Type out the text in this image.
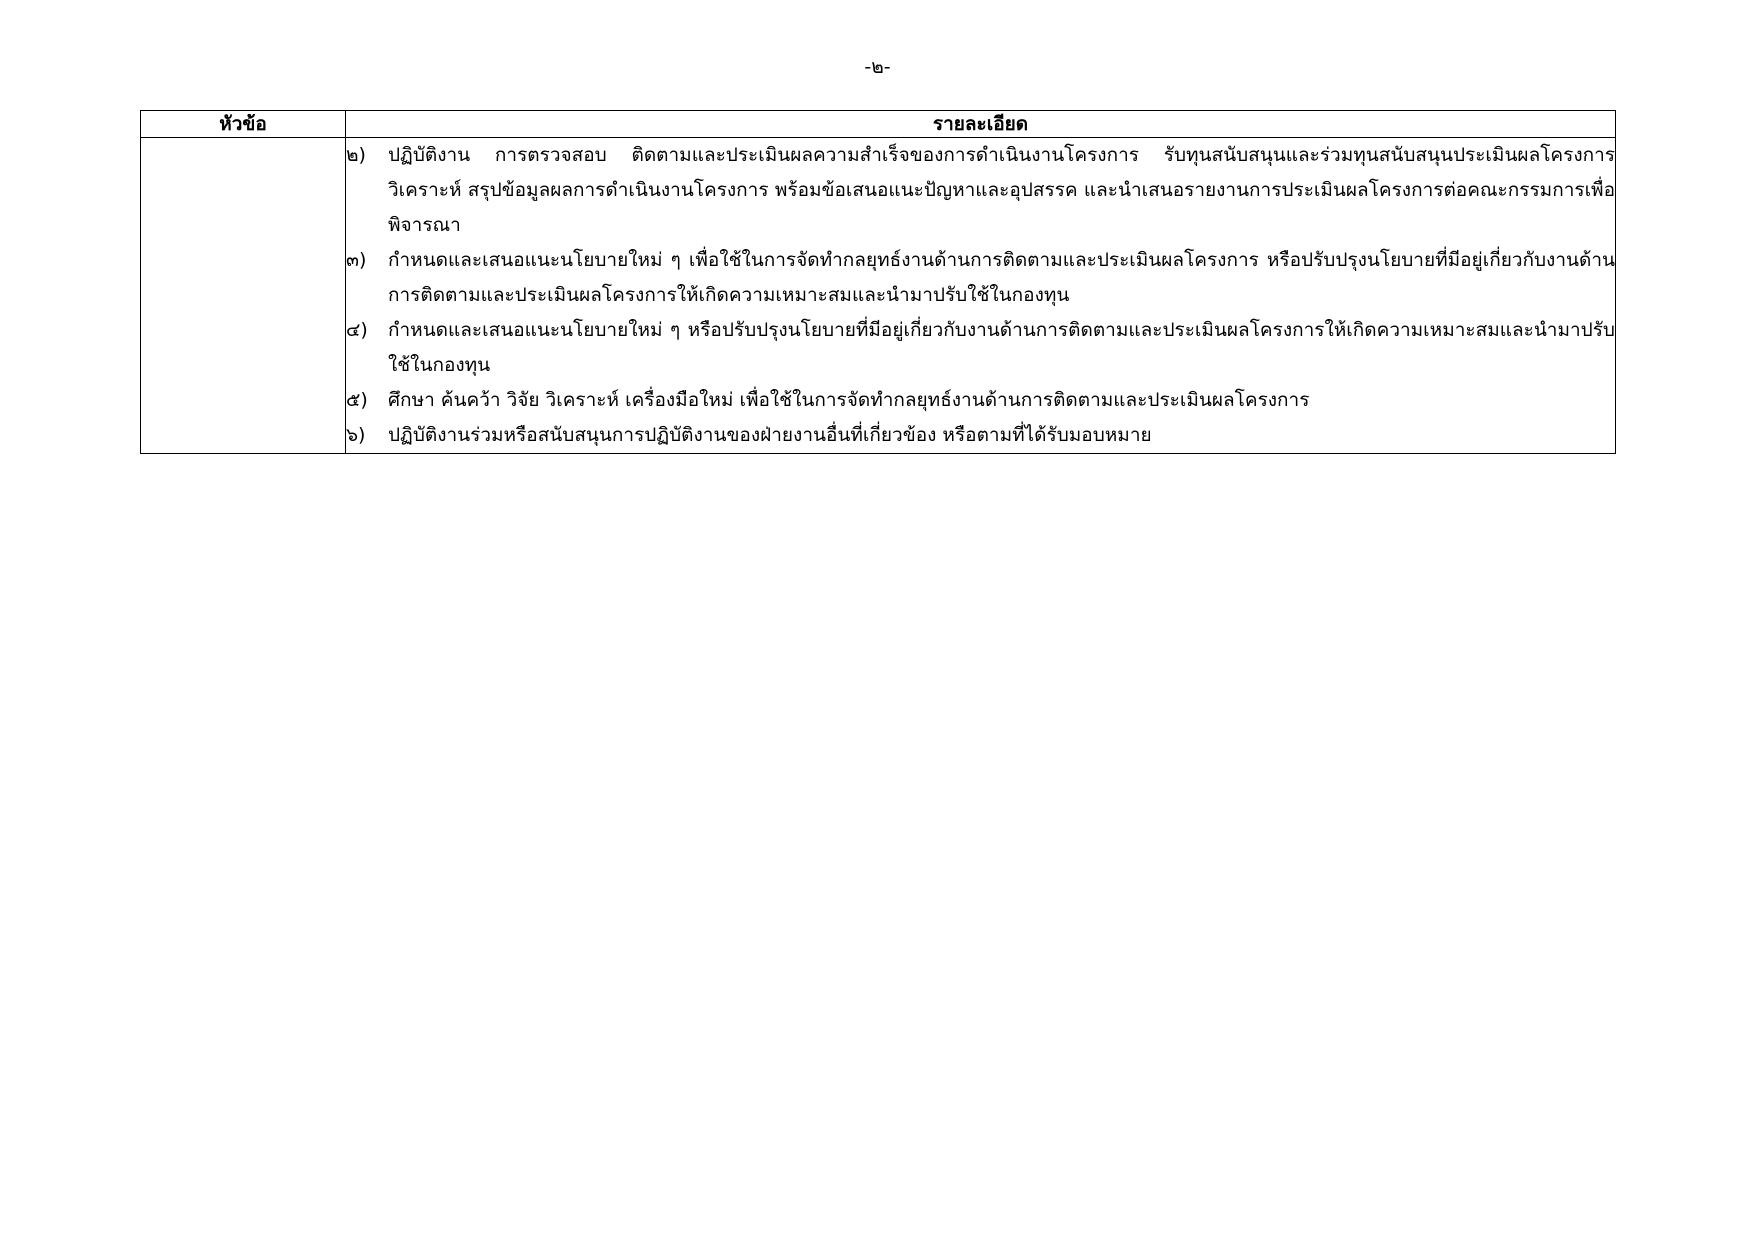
-๒-
หัวข้อ	รายละเอียด

๒)	ปฏิบัติงาน การตรวจสอบ ติดตามและประเมินผลความสำเร็จของการดำเนินงานโครงการ รับทุนสนับสนุนและร่วมทุนสนับสนุนประเมินผลโครงการ วิเคราะห์ สรุปข้อมูลผลการดำเนินงานโครงการ พร้อมข้อเสนอแนะปัญหาและอุปสรรค และนำเสนอรายงานการประเมินผลโครงการต่อคณะกรรมการเพื่อพิจารณา
๓)	กำหนดและเสนอแนะนโยบายใหม่ ๆ เพื่อใช้ในการจัดทำกลยุทธ์งานด้านการติดตามและประเมินผลโครงการ หรือปรับปรุงนโยบายที่มีอยู่เกี่ยวกับงานด้านการติดตามและประเมินผลโครงการให้เกิดความเหมาะสมและนำมาปรับใช้ในกองทุน
๔)	กำหนดและเสนอแนะนโยบายใหม่ ๆ หรือปรับปรุงนโยบายที่มีอยู่เกี่ยวกับงานด้านการติดตามและประเมินผลโครงการให้เกิดความเหมาะสมและนำมาปรับใช้ในกองทุน
๕)	ศึกษา ค้นคว้า วิจัย วิเคราะห์ เครื่องมือใหม่ เพื่อใช้ในการจัดทำกลยุทธ์งานด้านการติดตามและประเมินผลโครงการ
๖)	ปฏิบัติงานร่วมหรือสนับสนุนการปฏิบัติงานของฝ่ายงานอื่นที่เกี่ยวข้อง หรือตามที่ได้รับมอบหมาย
